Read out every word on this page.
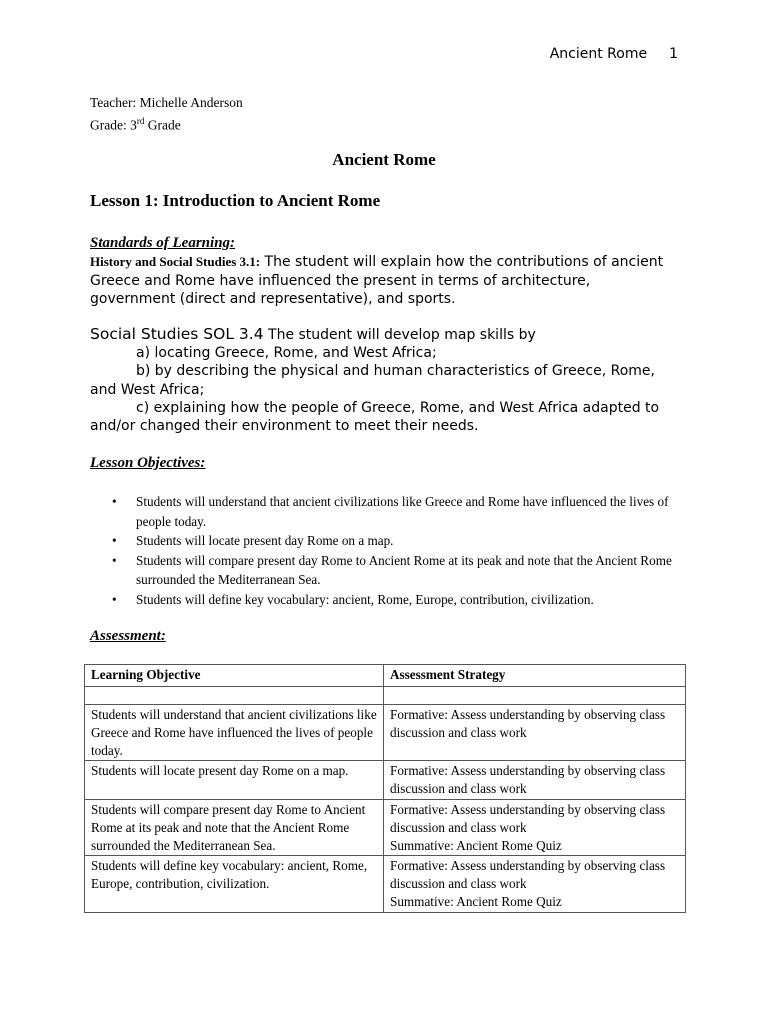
Ancient Rome 1
Teacher: Michelle Anderson
Grade: 3rd Grade
Ancient Rome
Lesson 1: Introduction to Ancient Rome
Standards of Learning:
History and Social Studies 3.1: The student will explain how the contributions of ancient Greece and Rome have influenced the present in terms of architecture, government (direct and representative), and sports.
Social Studies SOL 3.4 The student will develop map skills by
a) locating Greece, Rome, and West Africa;
b) by describing the physical and human characteristics of Greece, Rome, and West Africa;
c) explaining how the people of Greece, Rome, and West Africa adapted to and/or changed their environment to meet their needs.
Lesson Objectives:
• Students will understand that ancient civilizations like Greece and Rome have influenced the lives of people today.
• Students will locate present day Rome on a map.
• Students will compare present day Rome to Ancient Rome at its peak and note that the Ancient Rome surrounded the Mediterranean Sea.
• Students will define key vocabulary: ancient, Rome, Europe, contribution, civilization.
Assessment:
Learning Objective	Assessment Strategy

Students will understand that ancient civilizations like Greece and Rome have influenced the lives of people today.	Formative: Assess understanding by observing class discussion and class work

Students will locate present day Rome on a map.	Formative: Assess understanding by observing class discussion and class work

Students will compare present day Rome to Ancient Rome at its peak and note that the Ancient Rome surrounded the Mediterranean Sea.	Formative: Assess understanding by observing class discussion and class work
Summative: Ancient Rome Quiz

Students will define key vocabulary: ancient, Rome, Europe, contribution, civilization.	Formative: Assess understanding by observing class discussion and class work
Summative: Ancient Rome Quiz
